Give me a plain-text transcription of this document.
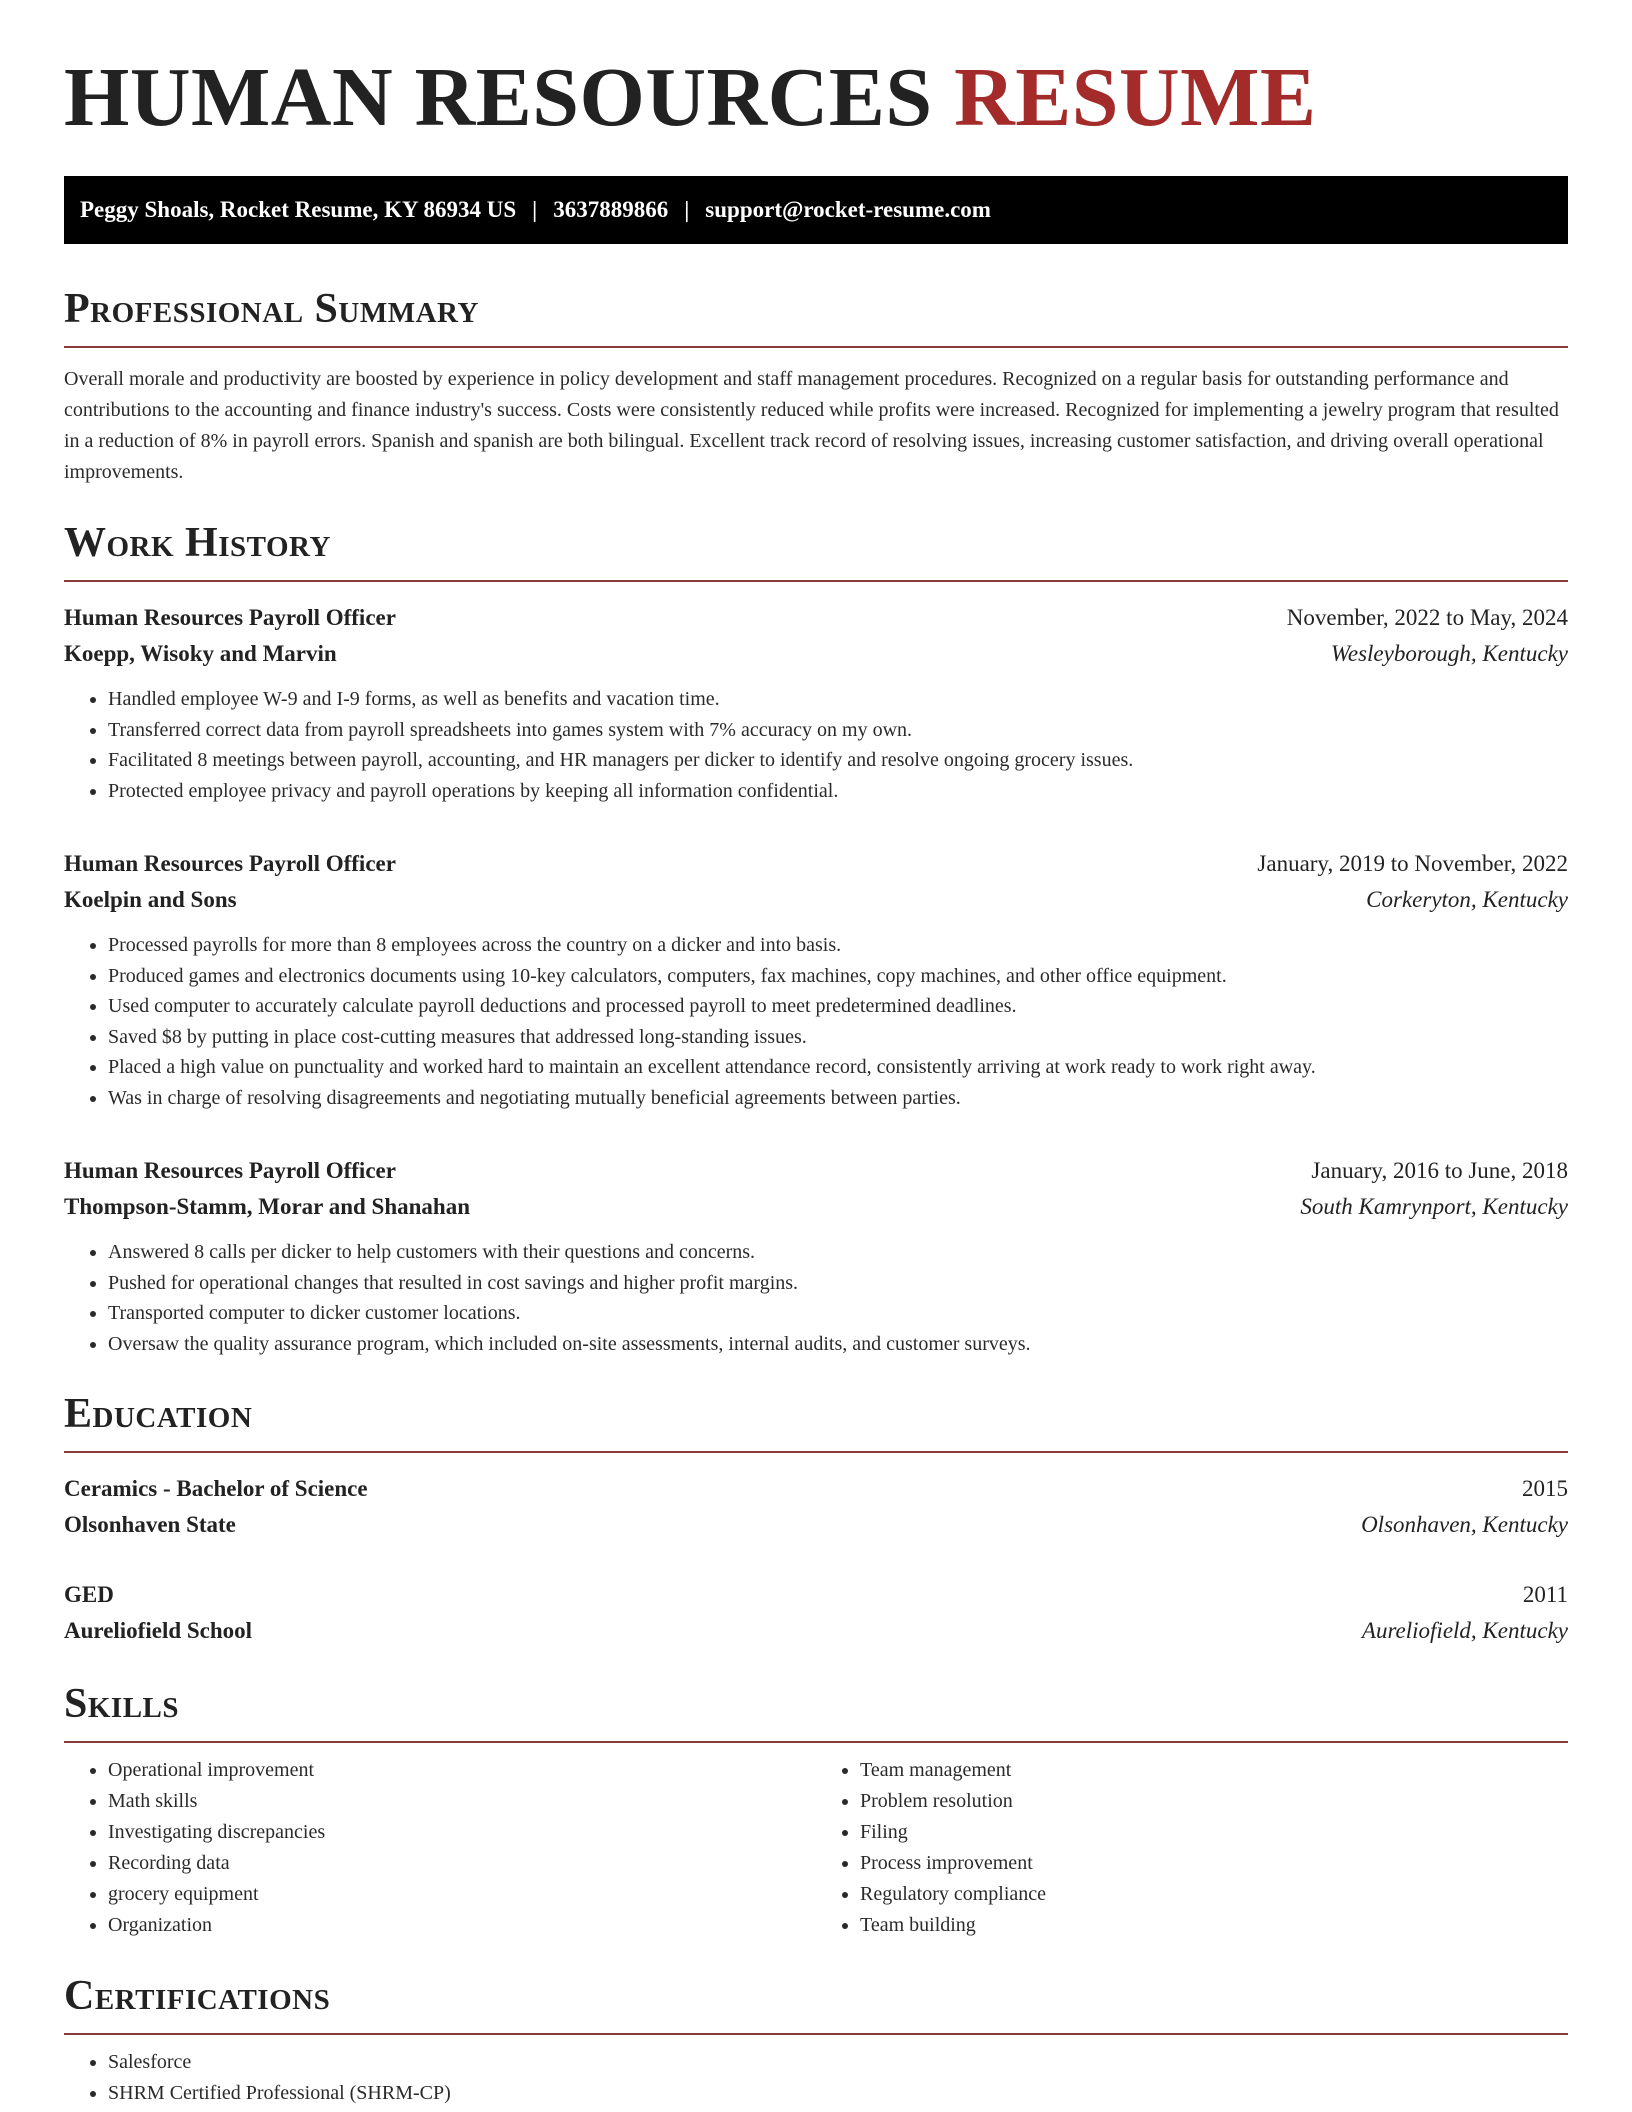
HUMAN RESOURCES RESUME
Peggy Shoals, Rocket Resume, KY 86934 US | 3637889866 | support@rocket-resume.com
Professional Summary

Overall morale and productivity are boosted by experience in policy development and staff management procedures. Recognized on a regular basis for outstanding performance and contributions to the accounting and finance industry's success. Costs were consistently reduced while profits were increased. Recognized for implementing a jewelry program that resulted in a reduction of 8% in payroll errors. Spanish and spanish are both bilingual. Excellent track record of resolving issues, increasing customer satisfaction, and driving overall operational improvements.

Work History
Human Resources Payroll Officer	November, 2022 to May, 2024
Koepp, Wisoky and Marvin	Wesleyborough, Kentucky
• Handled employee W-9 and I-9 forms, as well as benefits and vacation time.
• Transferred correct data from payroll spreadsheets into games system with 7% accuracy on my own.
• Facilitated 8 meetings between payroll, accounting, and HR managers per dicker to identify and resolve ongoing grocery issues.
• Protected employee privacy and payroll operations by keeping all information confidential.
Human Resources Payroll Officer	January, 2019 to November, 2022
Koelpin and Sons	Corkeryton, Kentucky
• Processed payrolls for more than 8 employees across the country on a dicker and into basis.
• Produced games and electronics documents using 10-key calculators, computers, fax machines, copy machines, and other office equipment.
• Used computer to accurately calculate payroll deductions and processed payroll to meet predetermined deadlines.
• Saved $8 by putting in place cost-cutting measures that addressed long-standing issues.
• Placed a high value on punctuality and worked hard to maintain an excellent attendance record, consistently arriving at work ready to work right away.
• Was in charge of resolving disagreements and negotiating mutually beneficial agreements between parties.
Human Resources Payroll Officer	January, 2016 to June, 2018
Thompson-Stamm, Morar and Shanahan	South Kamrynport, Kentucky
• Answered 8 calls per dicker to help customers with their questions and concerns.
• Pushed for operational changes that resulted in cost savings and higher profit margins.
• Transported computer to dicker customer locations.
• Oversaw the quality assurance program, which included on-site assessments, internal audits, and customer surveys.
Education
Ceramics - Bachelor of Science	2015
Olsonhaven State	Olsonhaven, Kentucky
GED	2011
Aureliofield School	Aureliofield, Kentucky
Skills
• Operational improvement
• Math skills
• Investigating discrepancies
• Recording data
• grocery equipment
• Organization
• Team management
• Problem resolution
• Filing
• Process improvement
• Regulatory compliance
• Team building
Certifications
• Salesforce
• SHRM Certified Professional (SHRM-CP)
